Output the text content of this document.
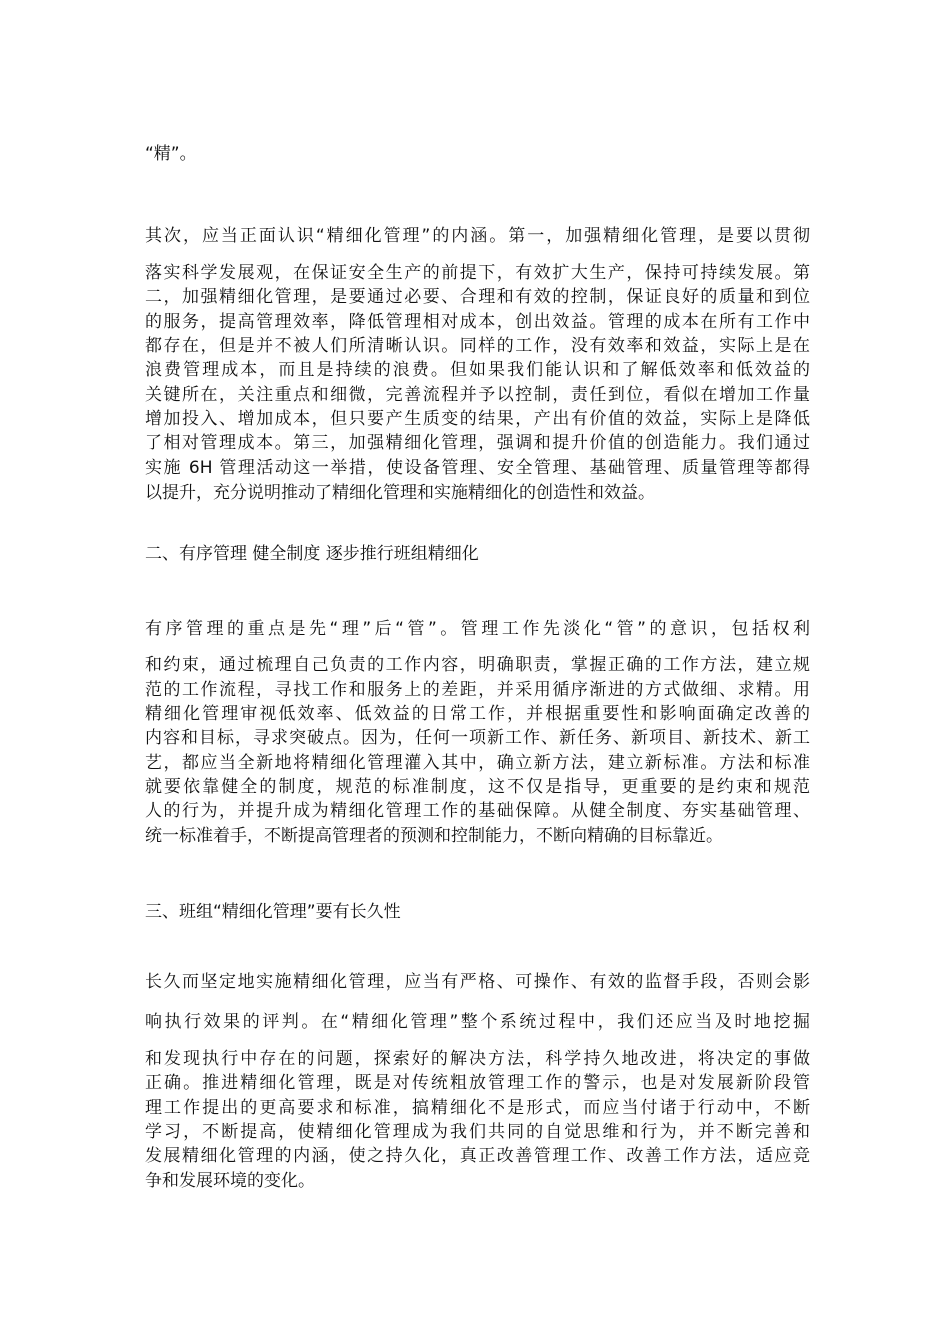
“精”。
其次，应当正面认识“精细化管理”的内涵。第一，加强精细化管理，是要以贯彻
落实科学发展观，在保证安全生产的前提下，有效扩大生产，保持可持续发展。第
二，加强精细化管理，是要通过必要、合理和有效的控制，保证良好的质量和到位
的服务，提高管理效率，降低管理相对成本，创出效益。管理的成本在所有工作中
都存在，但是并不被人们所清晰认识。同样的工作，没有效率和效益，实际上是在
浪费管理成本，而且是持续的浪费。但如果我们能认识和了解低效率和低效益的
关键所在，关注重点和细微，完善流程并予以控制，责任到位，看似在增加工作量
增加投入、增加成本，但只要产生质变的结果，产出有价值的效益，实际上是降低
了相对管理成本。第三，加强精细化管理，强调和提升价值的创造能力。我们通过
实施 6H 管理活动这一举措，使设备管理、安全管理、基础管理、质量管理等都得
以提升，充分说明推动了精细化管理和实施精细化的创造性和效益。
二、有序管理 健全制度 逐步推行班组精细化
有序管理的重点是先“理”后“管”。管理工作先淡化“管”的意识，包括权利
和约束，通过梳理自己负责的工作内容，明确职责，掌握正确的工作方法，建立规
范的工作流程，寻找工作和服务上的差距，并采用循序渐进的方式做细、求精。用
精细化管理审视低效率、低效益的日常工作，并根据重要性和影响面确定改善的
内容和目标，寻求突破点。因为，任何一项新工作、新任务、新项目、新技术、新工
艺，都应当全新地将精细化管理灌入其中，确立新方法，建立新标准。方法和标准
就要依靠健全的制度，规范的标准制度，这不仅是指导，更重要的是约束和规范
人的行为，并提升成为精细化管理工作的基础保障。从健全制度、夯实基础管理、
统一标准着手，不断提高管理者的预测和控制能力，不断向精确的目标靠近。
三、班组“精细化管理”要有长久性
长久而坚定地实施精细化管理，应当有严格、可操作、有效的监督手段，否则会影
响执行效果的评判。在“精细化管理”整个系统过程中，我们还应当及时地挖掘
和发现执行中存在的问题，探索好的解决方法，科学持久地改进，将决定的事做
正确。推进精细化管理，既是对传统粗放管理工作的警示，也是对发展新阶段管
理工作提出的更高要求和标准，搞精细化不是形式，而应当付诸于行动中，不断
学习，不断提高，使精细化管理成为我们共同的自觉思维和行为，并不断完善和
发展精细化管理的内涵，使之持久化，真正改善管理工作、改善工作方法，适应竞
争和发展环境的变化。
